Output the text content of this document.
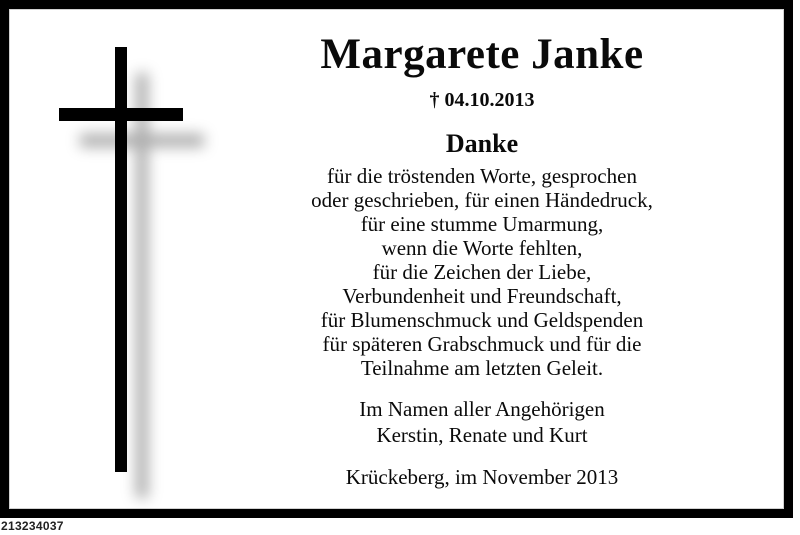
Margarete Janke
† 04.10.2013
Danke
für die tröstenden Worte, gesprochen
oder geschrieben, für einen Händedruck,
für eine stumme Umarmung,
wenn die Worte fehlten,
für die Zeichen der Liebe,
Verbundenheit und Freundschaft,
für Blumenschmuck und Geldspenden
für späteren Grabschmuck und für die
Teilnahme am letzten Geleit.
Im Namen aller Angehörigen
Kerstin, Renate und Kurt
Krückeberg, im November 2013
213234037
